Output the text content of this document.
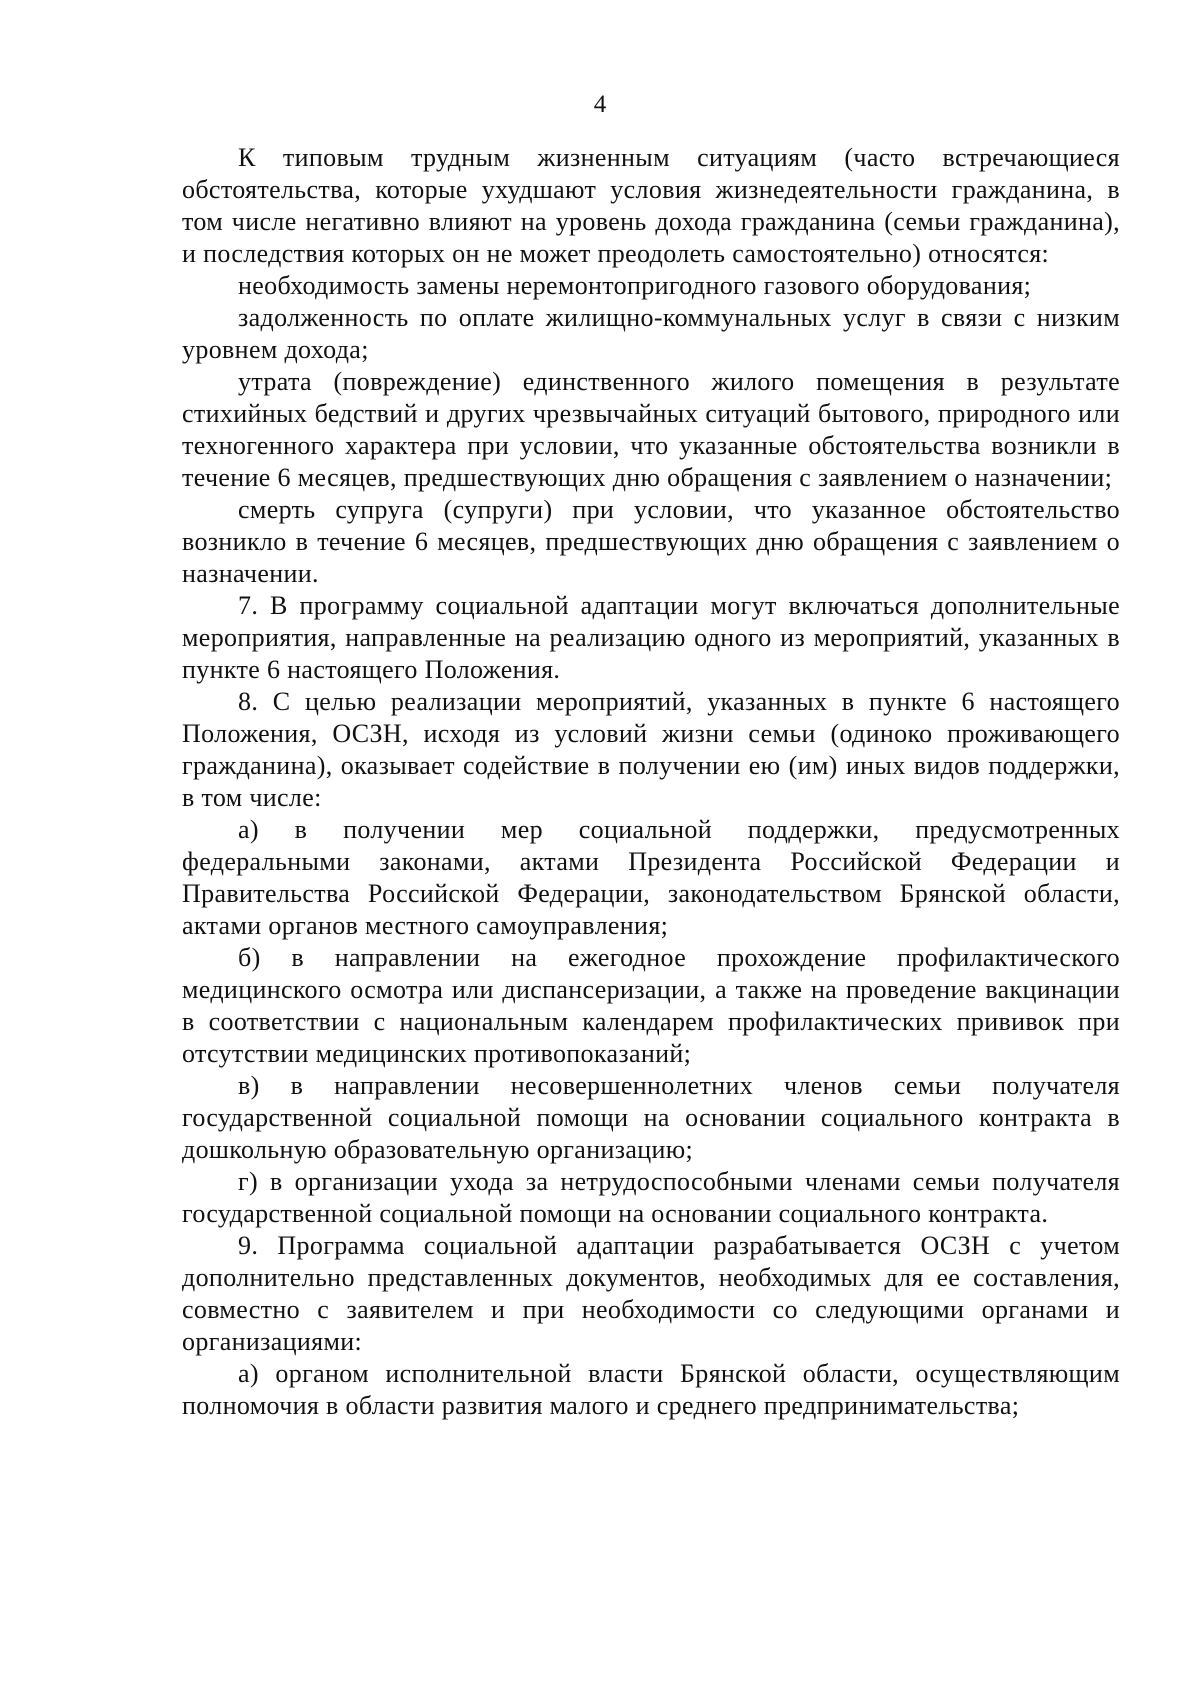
4

К типовым трудным жизненным ситуациям (часто встречающиеся обстоятельства, которые ухудшают условия жизнедеятельности гражданина, в том числе негативно влияют на уровень дохода гражданина (семьи гражданина), и последствия которых он не может преодолеть самостоятельно) относятся:

необходимость замены неремонтопригодного газового оборудования;

задолженность по оплате жилищно-коммунальных услуг в связи с низким уровнем дохода;

утрата (повреждение) единственного жилого помещения в результате стихийных бедствий и других чрезвычайных ситуаций бытового, природного или техногенного характера при условии, что указанные обстоятельства возникли в течение 6 месяцев, предшествующих дню обращения с заявлением о назначении;

смерть супруга (супруги) при условии, что указанное обстоятельство возникло в течение 6 месяцев, предшествующих дню обращения с заявлением о назначении.

7. В программу социальной адаптации могут включаться дополнительные мероприятия, направленные на реализацию одного из мероприятий, указанных в пункте 6 настоящего Положения.

8. С целью реализации мероприятий, указанных в пункте 6 настоящего Положения, ОСЗН, исходя из условий жизни семьи (одиноко проживающего гражданина), оказывает содействие в получении ею (им) иных видов поддержки, в том числе:

а) в получении мер социальной поддержки, предусмотренных федеральными законами, актами Президента Российской Федерации и Правительства Российской Федерации, законодательством Брянской области, актами органов местного самоуправления;

б) в направлении на ежегодное прохождение профилактического медицинского осмотра или диспансеризации, а также на проведение вакцинации в соответствии с национальным календарем профилактических прививок при отсутствии медицинских противопоказаний;

в) в направлении несовершеннолетних членов семьи получателя государственной социальной помощи на основании социального контракта в дошкольную образовательную организацию;

г) в организации ухода за нетрудоспособными членами семьи получателя государственной социальной помощи на основании социального контракта.

9. Программа социальной адаптации разрабатывается ОСЗН с учетом дополнительно представленных документов, необходимых для ее составления, совместно с заявителем и при необходимости со следующими органами и организациями:

а) органом исполнительной власти Брянской области, осуществляющим полномочия в области развития малого и среднего предпринимательства;
